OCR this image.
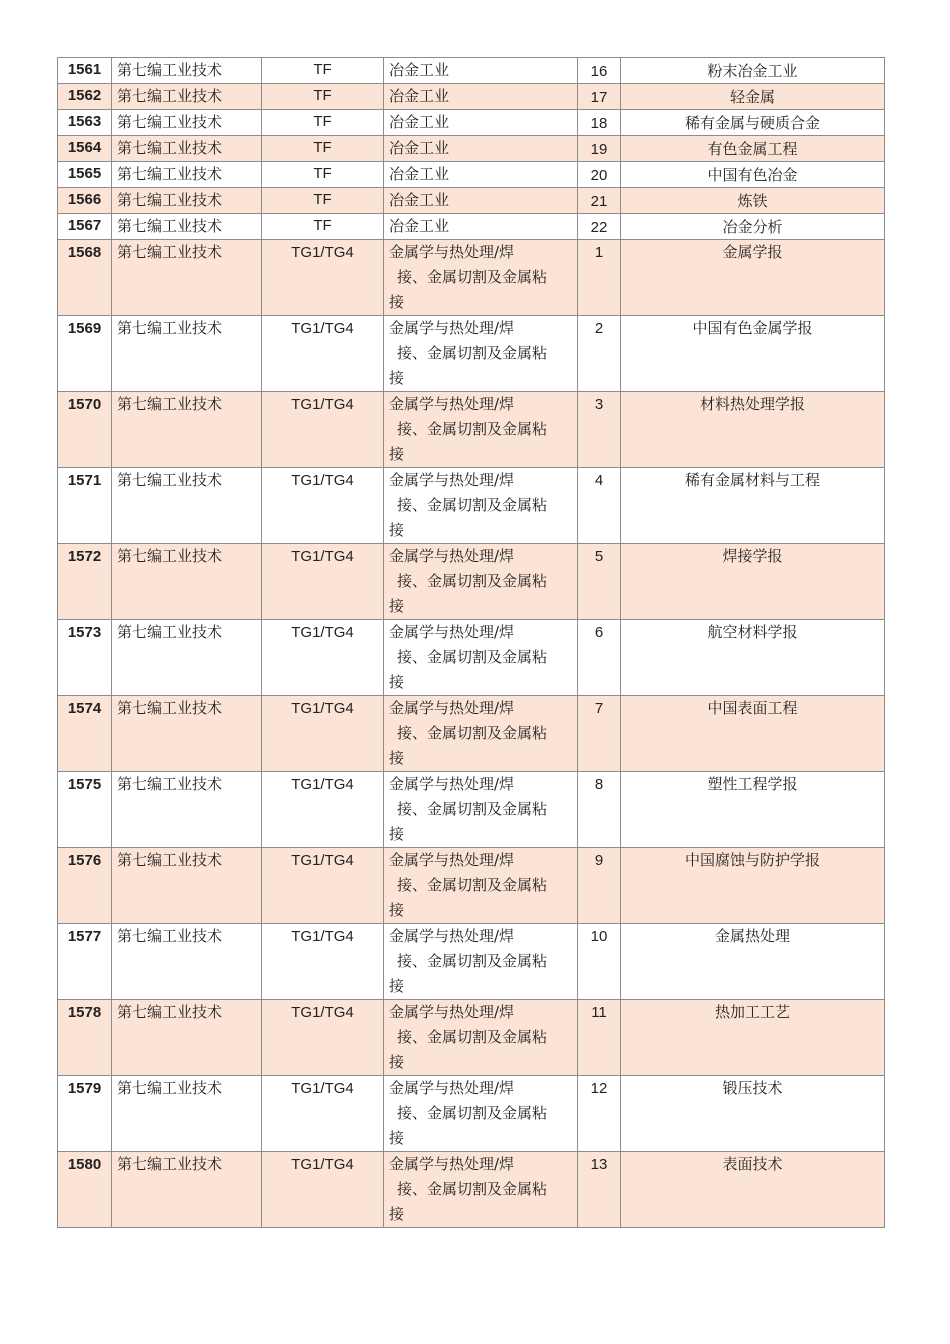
1561	第七编工业技术	TF	冶金工业	16	粉末冶金工业
1562	第七编工业技术	TF	冶金工业	17	轻金属
1563	第七编工业技术	TF	冶金工业	18	稀有金属与硬质合金
1564	第七编工业技术	TF	冶金工业	19	有色金属工程
1565	第七编工业技术	TF	冶金工业	20	中国有色冶金
1566	第七编工业技术	TF	冶金工业	21	炼铁
1567	第七编工业技术	TF	冶金工业	22	冶金分析
1568	第七编工业技术	TG1/TG4	金属学与热处理/焊
接、金属切割及金属粘
接	1	金属学报
1569	第七编工业技术	TG1/TG4	金属学与热处理/焊
接、金属切割及金属粘
接	2	中国有色金属学报
1570	第七编工业技术	TG1/TG4	金属学与热处理/焊
接、金属切割及金属粘
接	3	材料热处理学报
1571	第七编工业技术	TG1/TG4	金属学与热处理/焊
接、金属切割及金属粘
接	4	稀有金属材料与工程
1572	第七编工业技术	TG1/TG4	金属学与热处理/焊
接、金属切割及金属粘
接	5	焊接学报
1573	第七编工业技术	TG1/TG4	金属学与热处理/焊
接、金属切割及金属粘
接	6	航空材料学报
1574	第七编工业技术	TG1/TG4	金属学与热处理/焊
接、金属切割及金属粘
接	7	中国表面工程
1575	第七编工业技术	TG1/TG4	金属学与热处理/焊
接、金属切割及金属粘
接	8	塑性工程学报
1576	第七编工业技术	TG1/TG4	金属学与热处理/焊
接、金属切割及金属粘
接	9	中国腐蚀与防护学报
1577	第七编工业技术	TG1/TG4	金属学与热处理/焊
接、金属切割及金属粘
接	10	金属热处理
1578	第七编工业技术	TG1/TG4	金属学与热处理/焊
接、金属切割及金属粘
接	11	热加工工艺
1579	第七编工业技术	TG1/TG4	金属学与热处理/焊
接、金属切割及金属粘
接	12	锻压技术
1580	第七编工业技术	TG1/TG4	金属学与热处理/焊
接、金属切割及金属粘
接	13	表面技术
